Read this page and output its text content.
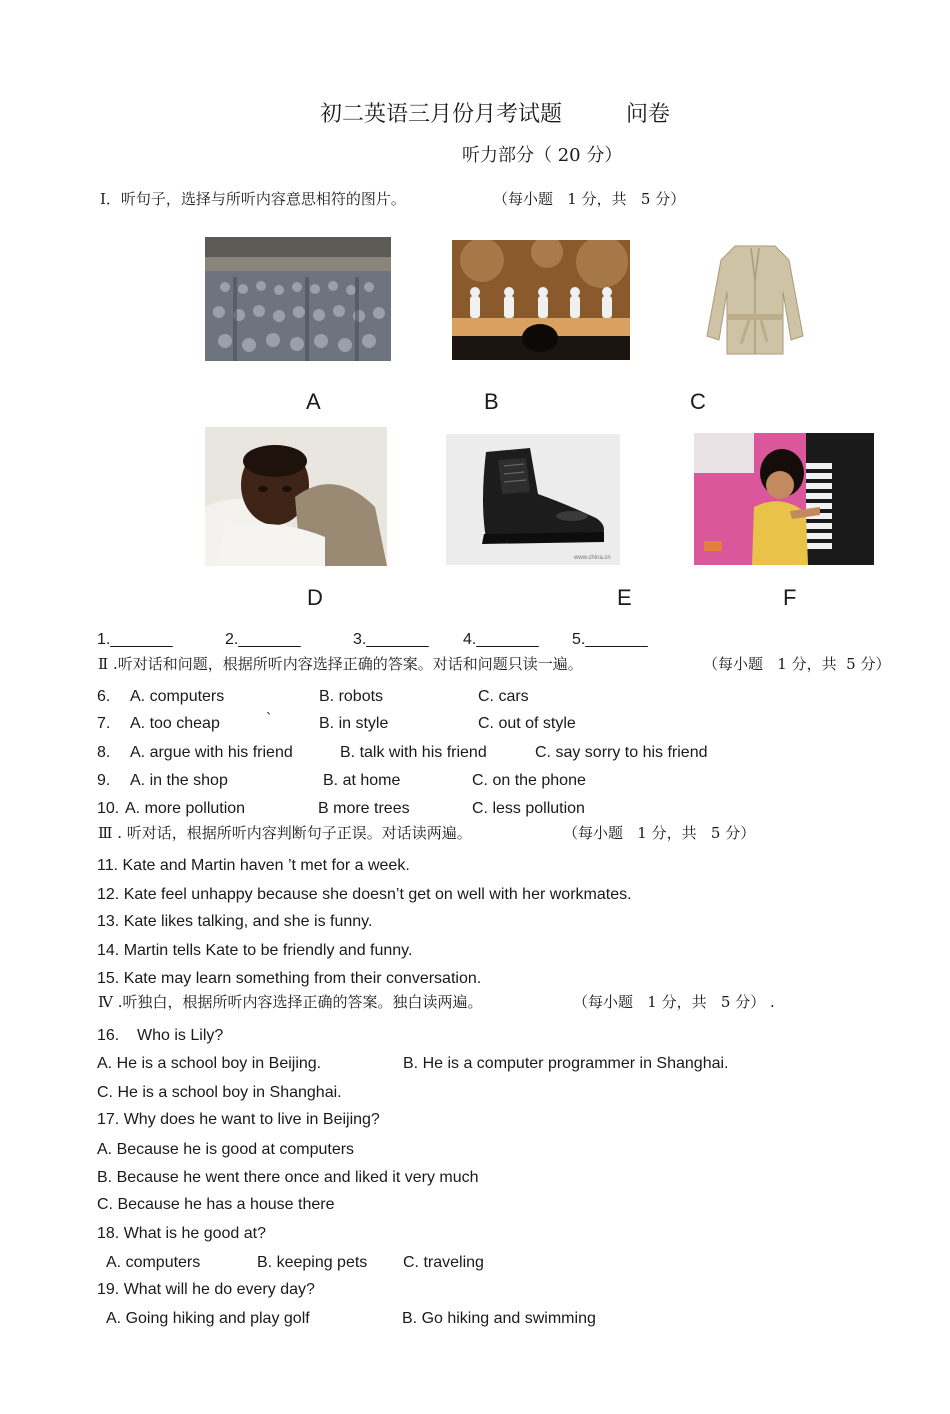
初二英语三月份月考试题	问卷
听力部分（ 20 分）
Ⅰ．听句子，选择与所听内容意思相符的图片。	（每小题   1 分，共   5 分）
A	B	C
www.china.cn
D	E	F
1._______	2._______	3._______ 4._______ 5._______
Ⅱ .听对话和问题，根据所听内容选择正确的答案。对话和问题只读一遍。	（每小题   1 分，共  5 分）
6. A. computers	B. robots	C. cars
7. A. too cheap	`	B. in style	C. out of style
8. A. argue with his friend	B. talk with his friend	C. say sorry to his friend
9. A. in the shop	B. at home	C. on the phone
10. A. more pollution	B more trees	C. less pollution
Ⅲ . 听对话，根据所听内容判断句子正误。对话读两遍。	（每小题   1 分，共   5 分）
11. Kate and Martin haven ’t met for a week.
12. Kate feel unhappy because she doesn’t get on well with her workmates.
13. Kate likes talking, and she is funny.
14. Martin tells Kate to be friendly and funny.
15. Kate may learn something from their conversation.
Ⅳ .听独白，根据所听内容选择正确的答案。独白读两遍。	（每小题   1 分，共   5 分） .
16.    Who is Lily?
A. He is a school boy in Beijing.	B. He is a computer programmer in Shanghai.
C. He is a school boy in Shanghai.
17. Why does he want to live in Beijing?
A. Because he is good at computers
B. Because he went there once and liked it very much
C. Because he has a house there
18. What is he good at?
A. computers	B. keeping pets C. traveling
19. What will he do every day?
A. Going hiking and play golf	B. Go hiking and swimming
